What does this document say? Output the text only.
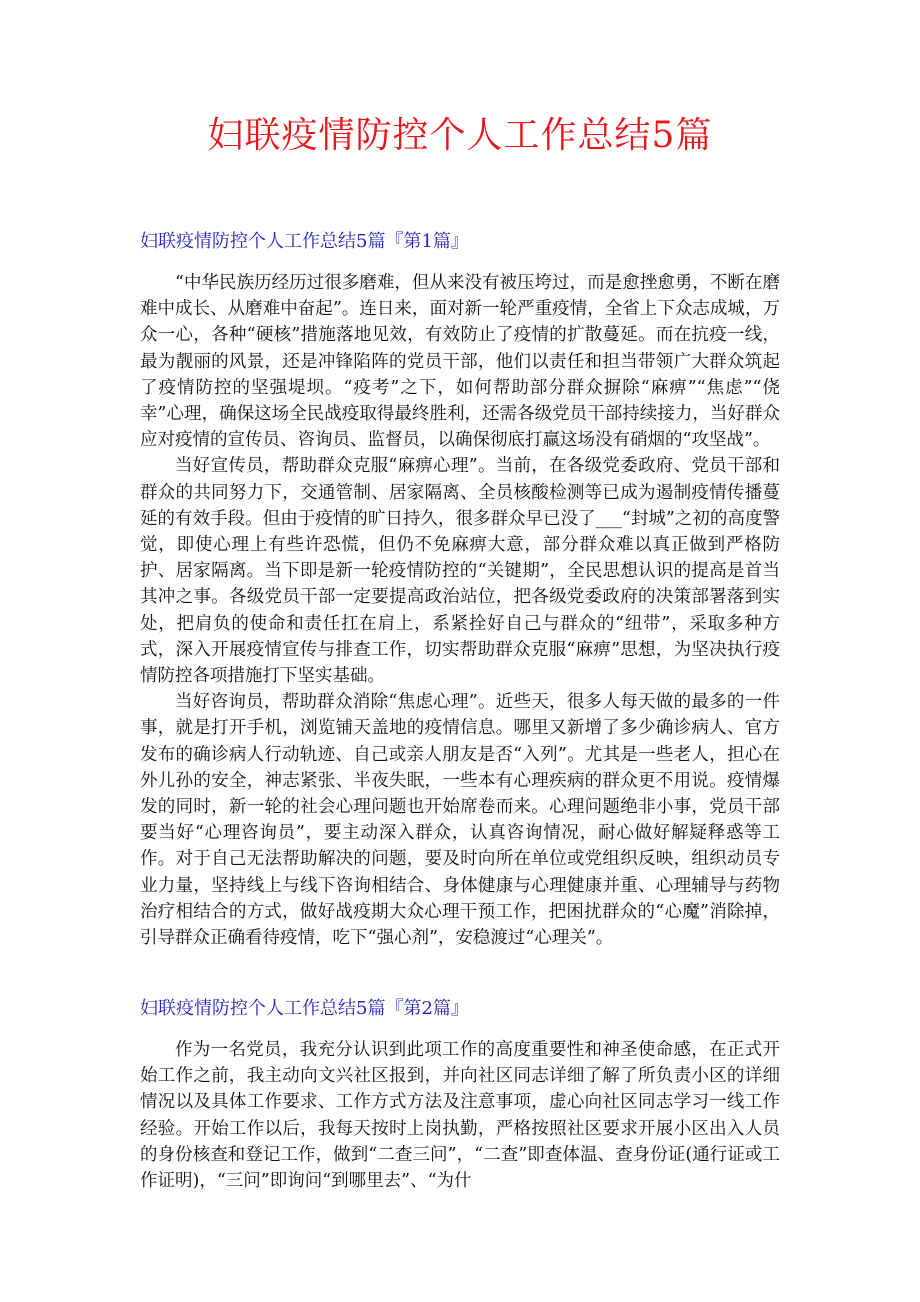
妇联疫情防控个人工作总结5篇
妇联疫情防控个人工作总结5篇『第1篇』

“中华民族历经历过很多磨难，但从来没有被压垮过，而是愈挫愈勇，不断在磨难中成长、从磨难中奋起”。连日来，面对新一轮严重疫情，全省上下众志成城，万众一心，各种“硬核”措施落地见效，有效防止了疫情的扩散蔓延。而在抗疫一线，最为靓丽的风景，还是冲锋陷阵的党员干部，他们以责任和担当带领广大群众筑起了疫情防控的坚强堤坝。“疫考”之下，如何帮助部分群众摒除“麻痹”“焦虑”“侥幸”心理，确保这场全民战疫取得最终胜利，还需各级党员干部持续接力，当好群众应对疫情的宣传员、咨询员、监督员，以确保彻底打赢这场没有硝烟的“攻坚战”。

当好宣传员，帮助群众克服“麻痹心理”。当前，在各级党委政府、党员干部和群众的共同努力下，交通管制、居家隔离、全员核酸检测等已成为遏制疫情传播蔓延的有效手段。但由于疫情的旷日持久，很多群众早已没了___“封城”之初的高度警觉，即使心理上有些许恐慌，但仍不免麻痹大意，部分群众难以真正做到严格防护、居家隔离。当下即是新一轮疫情防控的“关键期”，全民思想认识的提高是首当其冲之事。各级党员干部一定要提高政治站位，把各级党委政府的决策部署落到实处，把肩负的使命和责任扛在肩上，系紧拴好自己与群众的“纽带”，采取多种方式，深入开展疫情宣传与排查工作，切实帮助群众克服“麻痹”思想，为坚决执行疫情防控各项措施打下坚实基础。

当好咨询员，帮助群众消除“焦虑心理”。近些天，很多人每天做的最多的一件事，就是打开手机，浏览铺天盖地的疫情信息。哪里又新增了多少确诊病人、官方发布的确诊病人行动轨迹、自己或亲人朋友是否“入列”。尤其是一些老人，担心在外儿孙的安全，神志紧张、半夜失眠，一些本有心理疾病的群众更不用说。疫情爆发的同时，新一轮的社会心理问题也开始席卷而来。心理问题绝非小事，党员干部要当好“心理咨询员”，要主动深入群众，认真咨询情况，耐心做好解疑释惑等工作。对于自己无法帮助解决的问题，要及时向所在单位或党组织反映，组织动员专业力量，坚持线上与线下咨询相结合、身体健康与心理健康并重、心理辅导与药物治疗相结合的方式，做好战疫期大众心理干预工作，把困扰群众的“心魔”消除掉，引导群众正确看待疫情，吃下“强心剂”，安稳渡过“心理关”。

妇联疫情防控个人工作总结5篇『第2篇』

作为一名党员，我充分认识到此项工作的高度重要性和神圣使命感，在正式开始工作之前，我主动向文兴社区报到，并向社区同志详细了解了所负责小区的详细情况以及具体工作要求、工作方式方法及注意事项，虚心向社区同志学习一线工作经验。开始工作以后，我每天按时上岗执勤，严格按照社区要求开展小区出入人员的身份核查和登记工作，做到“二查三问”，“二查”即查体温、查身份证(通行证或工作证明)，“三问”即询问“到哪里去”、“为什
